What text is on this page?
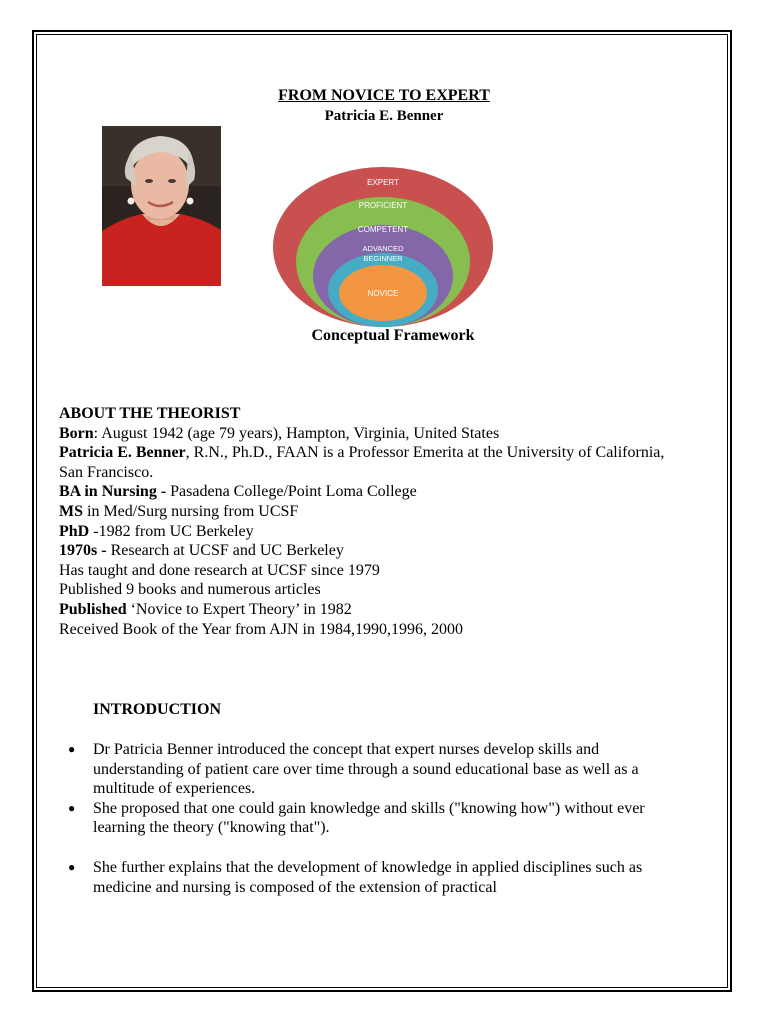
FROM NOVICE TO EXPERT
Patricia E. Benner
EXPERT
PROFICIENT
COMPETENT
ADVANCED
BEGINNER
NOVICE
Conceptual Framework
ABOUT THE THEORIST
Born: August 1942 (age 79 years), Hampton, Virginia, United States
Patricia E. Benner, R.N., Ph.D., FAAN is a Professor Emerita at the University of California, San Francisco.
BA in Nursing - Pasadena College/Point Loma College
MS in Med/Surg nursing from UCSF
PhD -1982 from UC Berkeley
1970s - Research at UCSF and UC Berkeley
Has taught and done research at UCSF since 1979
Published 9 books and numerous articles
Published ‘Novice to Expert Theory’ in 1982
Received Book of the Year from AJN in 1984,1990,1996, 2000
INTRODUCTION
● Dr Patricia Benner introduced the concept that expert nurses develop skills and understanding of patient care over time through a sound educational base as well as a multitude of experiences.
● She proposed that one could gain knowledge and skills ("knowing how") without ever learning the theory ("knowing that").
● She further explains that the development of knowledge in applied disciplines such as medicine and nursing is composed of the extension of practical
